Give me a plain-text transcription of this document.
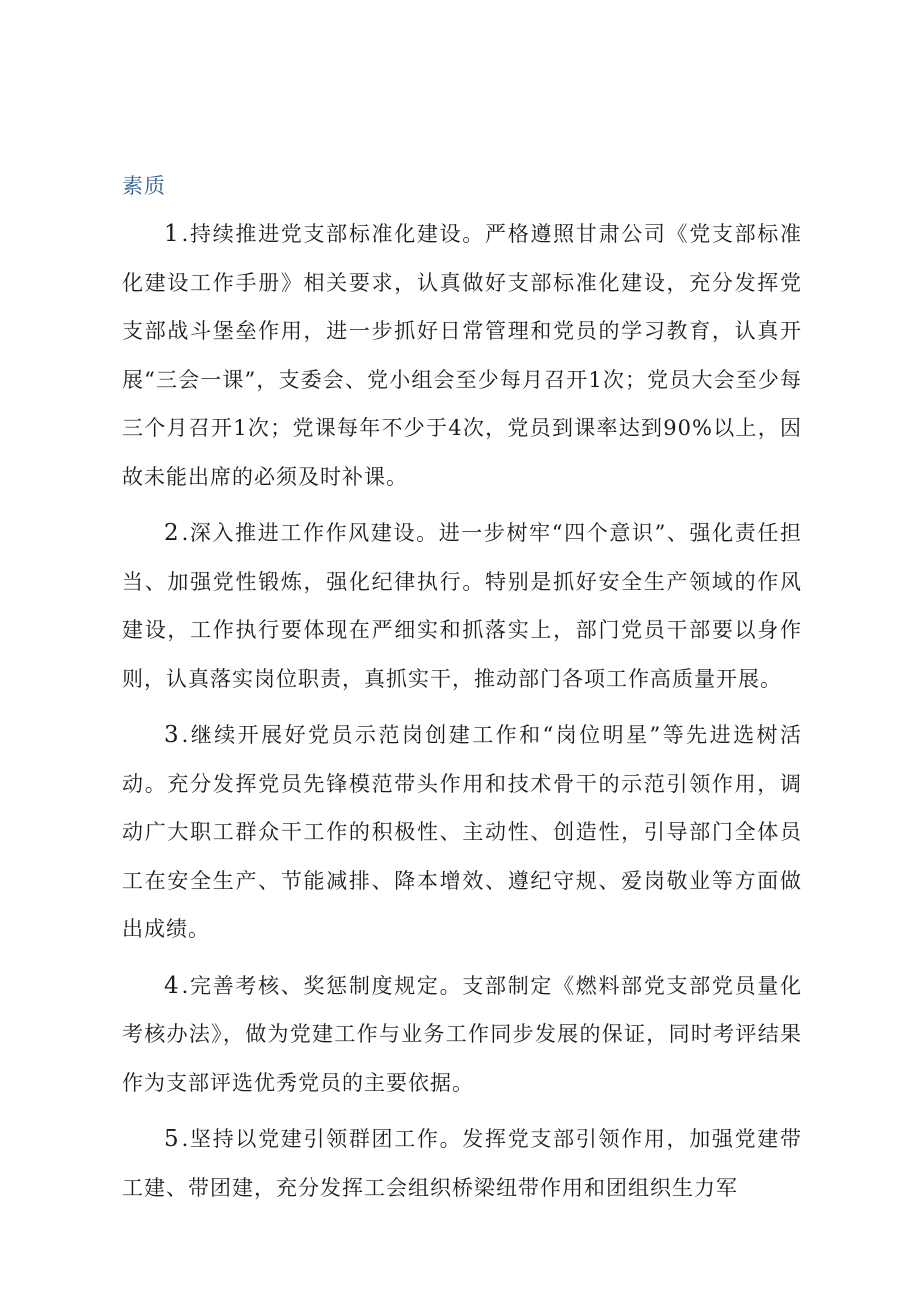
素质

1.持续推进党支部标准化建设。严格遵照甘肃公司《党支部标准化建设工作手册》相关要求，认真做好支部标准化建设，充分发挥党支部战斗堡垒作用，进一步抓好日常管理和党员的学习教育，认真开展“三会一课”，支委会、党小组会至少每月召开1次；党员大会至少每三个月召开1次；党课每年不少于4次，党员到课率达到90%以上，因故未能出席的必须及时补课。

2.深入推进工作作风建设。进一步树牢“四个意识”、强化责任担当、加强党性锻炼，强化纪律执行。特别是抓好安全生产领域的作风建设，工作执行要体现在严细实和抓落实上，部门党员干部要以身作则，认真落实岗位职责，真抓实干，推动部门各项工作高质量开展。

3.继续开展好党员示范岗创建工作和“岗位明星”等先进选树活动。充分发挥党员先锋模范带头作用和技术骨干的示范引领作用，调动广大职工群众干工作的积极性、主动性、创造性，引导部门全体员工在安全生产、节能减排、降本增效、遵纪守规、爱岗敬业等方面做出成绩。

4.完善考核、奖惩制度规定。支部制定《燃料部党支部党员量化考核办法》，做为党建工作与业务工作同步发展的保证，同时考评结果作为支部评选优秀党员的主要依据。

5.坚持以党建引领群团工作。发挥党支部引领作用，加强党建带工建、带团建，充分发挥工会组织桥梁纽带作用和团组织生力军
